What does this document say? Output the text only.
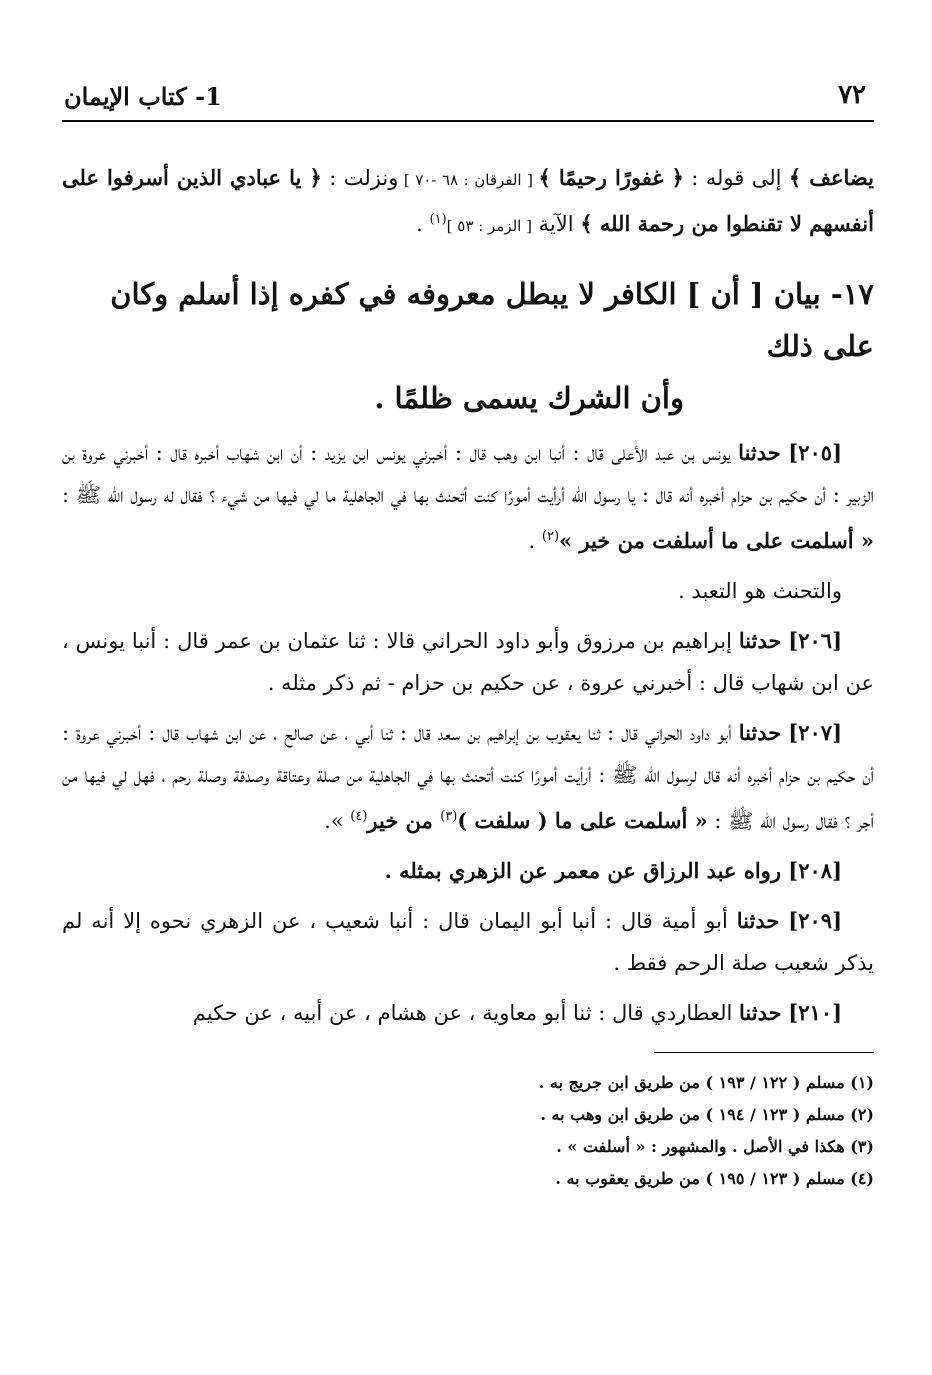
٧٢
1- كتاب الإيمان
يضاعف ﴾ إلى قوله : ﴿ غفورًا رحيمًا ﴾ [ الفرقان : ٦٨ -٧٠ ] ونزلت : ﴿ يا عبادي الذين أسرفوا على أنفسهم لا تقنطوا من رحمة الله ﴾ الآية [ الزمر : ٥٣ ]$^{(١)}$ .
١٧- بيان [ أن ] الكافر لا يبطل معروفه في كفره إذا أسلم وكان على ذلك
وأن الشرك يسمى ظلمًا .
[٢٠٥] حدثنا يونس بن عبد الأعلى قال : أنبا ابن وهب قال : أخبرني يونس ابن يزيد : أن ابن شهاب أخبره قال : أخبرني عروة بن الزبير : أن حكيم بن حزام أخبره أنه قال : يا رسول الله أرأيت أمورًا كنت أتحنث بها في الجاهلية ما لي فيها من شيء ؟ فقال له رسول الله ﷺ : « أسلمت على ما أسلفت من خير »$^{(٢)}$ .
والتحنث هو التعبد .
[٢٠٦] حدثنا إبراهيم بن مرزوق وأبو داود الحراني قالا : ثنا عثمان بن عمر قال : أنبا يونس ، عن ابن شهاب قال : أخبرني عروة ، عن حكيم بن حزام - ثم ذكر مثله .
[٢٠٧] حدثنا أبو داود الحراني قال : ثنا يعقوب بن إبراهيم بن سعد قال : ثنا أبي ، عن صالح ، عن ابن شهاب قال : أخبرني عروة : أن حكيم بن حزام أخبره أنه قال لرسول الله ﷺ : أرأيت أمورًا كنت أتحنث بها في الجاهلية من صلة وعتاقة وصدقة وصلة رحم ، فهل لي فيها من أجر ؟ فقال رسول الله ﷺ : « أسلمت على ما ( سلفت )$^{(٣)}$ من خير$^{(٤)}$ ».
[٢٠٨] رواه عبد الرزاق عن معمر عن الزهري بمثله .
[٢٠٩] حدثنا أبو أمية قال : أنبا أبو اليمان قال : أنبا شعيب ، عن الزهري نحوه إلا أنه لم يذكر شعيب صلة الرحم فقط .
[٢١٠] حدثنا العطاردي قال : ثنا أبو معاوية ، عن هشام ، عن أبيه ، عن حكيم
(١) مسلم ( ١٢٢ / ١٩٣ ) من طريق ابن جريج به .
(٢) مسلم ( ١٢٣ / ١٩٤ ) من طريق ابن وهب به .
(٣) هكذا في الأصل . والمشهور : « أسلفت » .
(٤) مسلم ( ١٢٣ / ١٩٥ ) من طريق يعقوب به .
